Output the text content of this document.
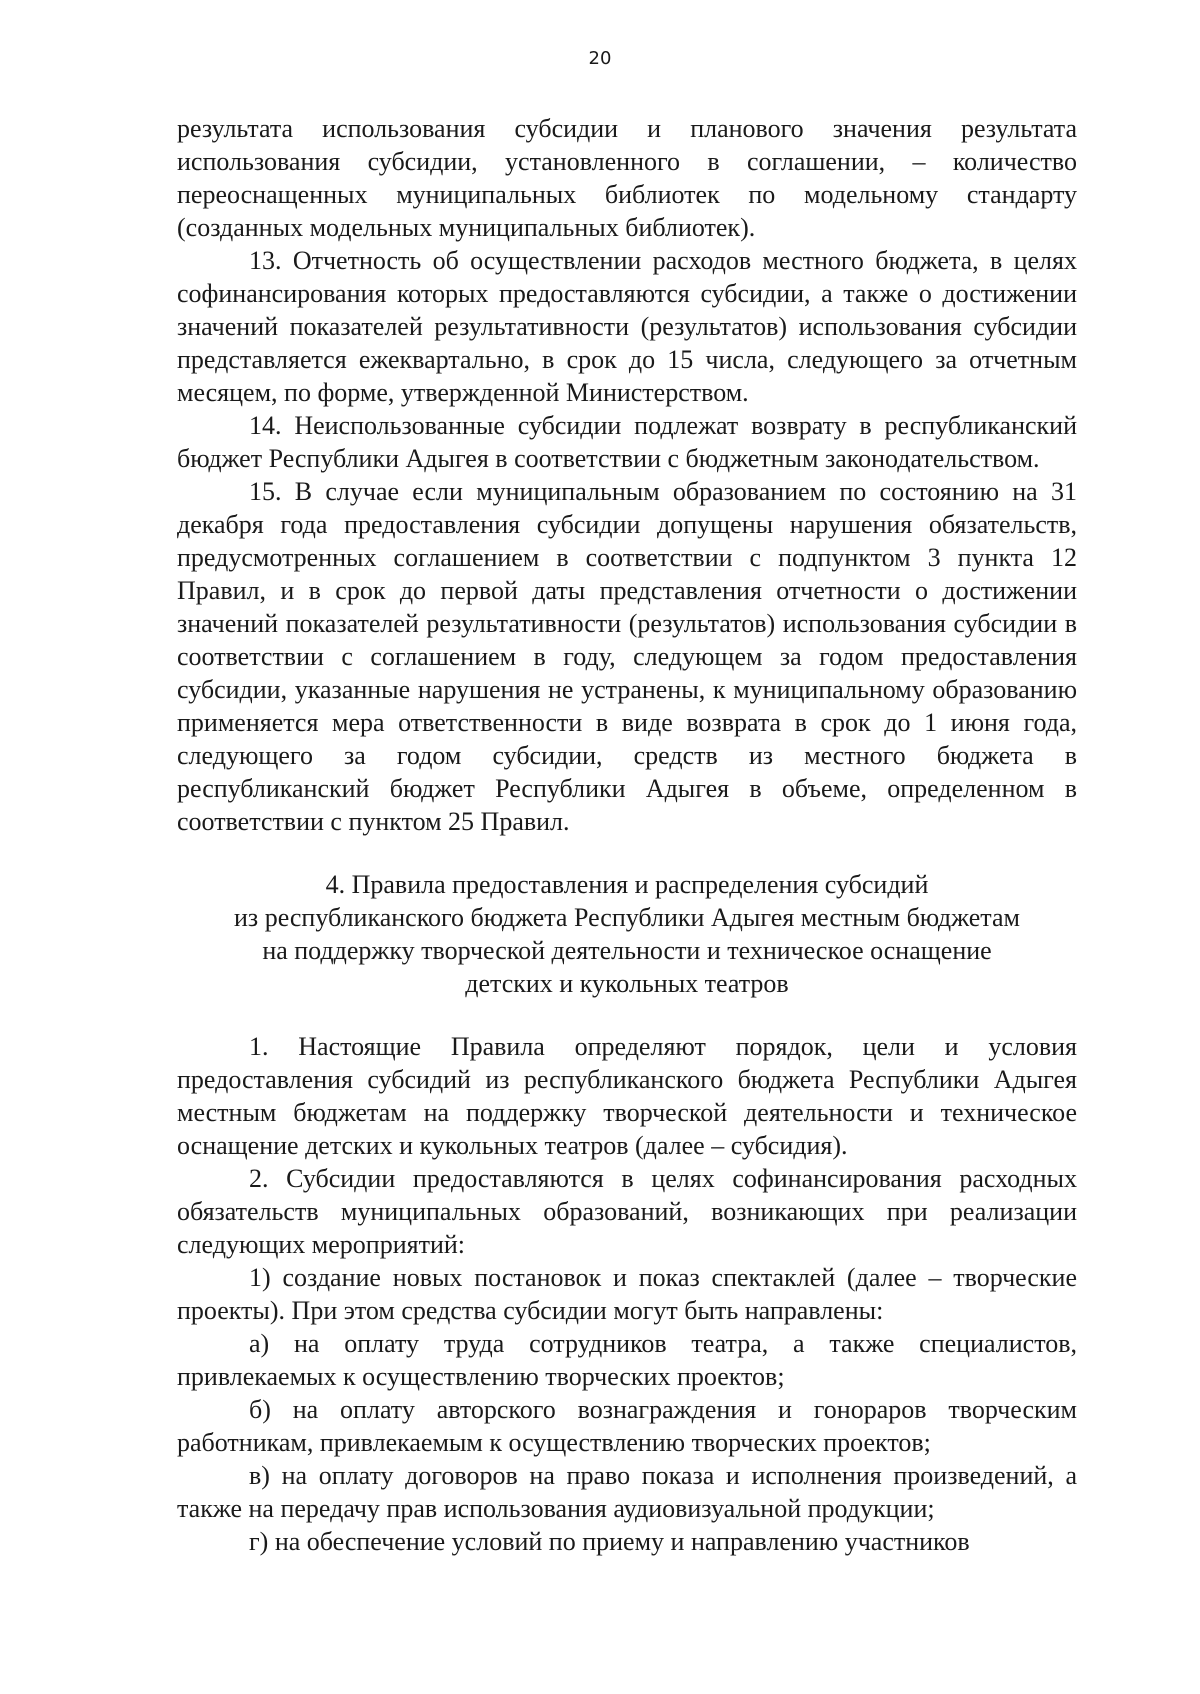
20

результата использования субсидии и планового значения результата использования субсидии, установленного в соглашении, – количество переоснащенных муниципальных библиотек по модельному стандарту (созданных модельных муниципальных библиотек).

13. Отчетность об осуществлении расходов местного бюджета, в целях софинансирования которых предоставляются субсидии, а также о достижении значений показателей результативности (результатов) использования субсидии представляется ежеквартально, в срок до 15 числа, следующего за отчетным месяцем, по форме, утвержденной Министерством.

14. Неиспользованные субсидии подлежат возврату в республиканский бюджет Республики Адыгея в соответствии с бюджетным законодательством.

15. В случае если муниципальным образованием по состоянию на 31 декабря года предоставления субсидии допущены нарушения обязательств, предусмотренных соглашением в соответствии с подпунктом 3 пункта 12 Правил, и в срок до первой даты представления отчетности о достижении значений показателей результативности (результатов) использования субсидии в соответствии с соглашением в году, следующем за годом предоставления субсидии, указанные нарушения не устранены, к муниципальному образованию применяется мера ответственности в виде возврата в срок до 1 июня года, следующего за годом субсидии, средств из местного бюджета в республиканский бюджет Республики Адыгея в объеме, определенном в соответствии с пунктом 25 Правил.

4. Правила предоставления и распределения субсидий
из республиканского бюджета Республики Адыгея местным бюджетам
на поддержку творческой деятельности и техническое оснащение
детских и кукольных театров

1. Настоящие Правила определяют порядок, цели и условия предоставления субсидий из республиканского бюджета Республики Адыгея местным бюджетам на поддержку творческой деятельности и техническое оснащение детских и кукольных театров (далее – субсидия).

2. Субсидии предоставляются в целях софинансирования расходных обязательств муниципальных образований, возникающих при реализации следующих мероприятий:

1) создание новых постановок и показ спектаклей (далее – творческие проекты). При этом средства субсидии могут быть направлены:

а) на оплату труда сотрудников театра, а также специалистов, привлекаемых к осуществлению творческих проектов;

б) на оплату авторского вознаграждения и гонораров творческим работникам, привлекаемым к осуществлению творческих проектов;

в) на оплату договоров на право показа и исполнения произведений, а также на передачу прав использования аудиовизуальной продукции;

г) на обеспечение условий по приему и направлению участников
